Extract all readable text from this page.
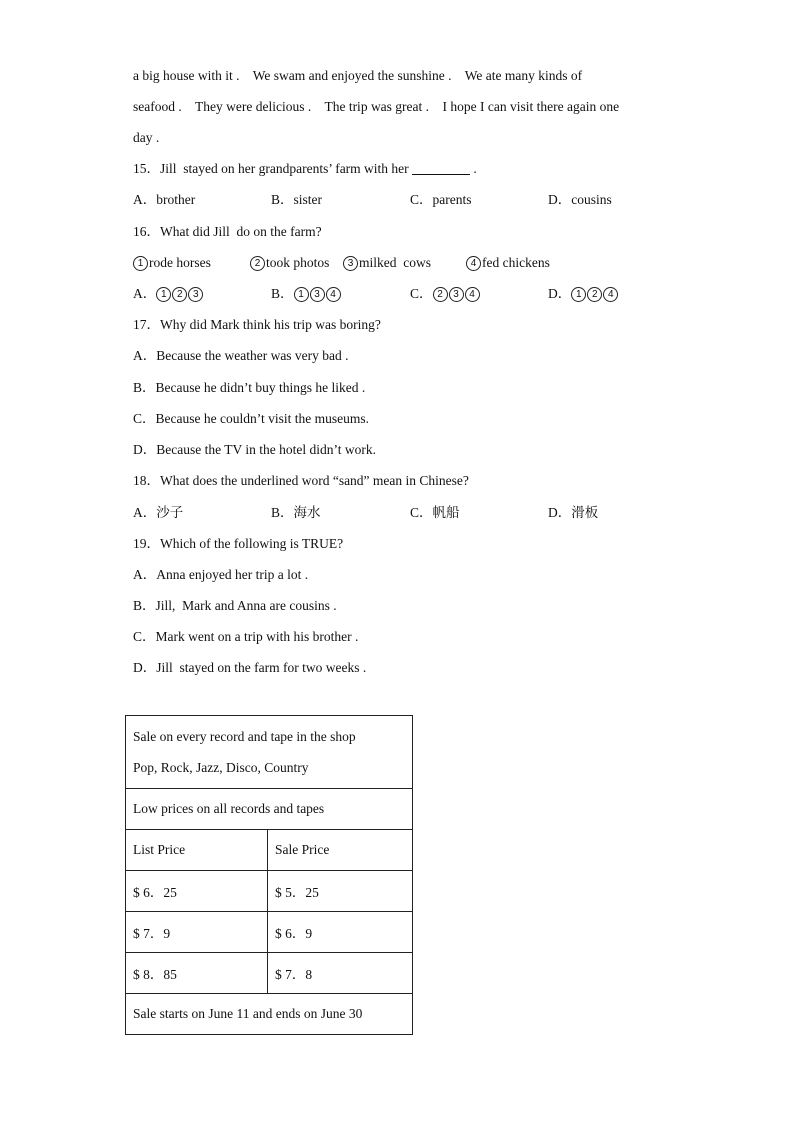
a big house with it .    We swam and enjoyed the sunshine .    We ate many kinds of
seafood .    They were delicious .    The trip was great .    I hope I can visit there again one
day .
15．Jill  stayed on her grandparents’ farm with her	.
A．brother	B．sister	C．parents	D．cousins
16．What did Jill  do on the farm?
1 rode horses	2 took photos	3 milked  cows	4 fed chickens
A． 1 2 3	B． 1 3 4	C． 2 3 4	D． 1 2 4
17．Why did Mark think his trip was boring?
A．Because the weather was very bad .
B．Because he didn’t buy things he liked .
C．Because he couldn’t visit the museums.
D．Because the TV in the hotel didn’t work.
18．What does the underlined word “sand” mean in Chinese?
A．沙子	B．海水	C．帆船	D．滑板
19．Which of the following is TRUE?
A．Anna enjoyed her trip a lot .
B．Jill,  Mark and Anna are cousins .
C．Mark went on a trip with his brother .
D．Jill  stayed on the farm for two weeks .
Sale on every record and tape in the shop
Pop, Rock, Jazz, Disco, Country	

Low prices on all records and tapes	
List Price	Sale Price
$ 6．25	$ 5．25
$ 7．9	$ 6．9
$ 8．85	$ 7．8
Sale starts on June 11 and ends on June 30	
